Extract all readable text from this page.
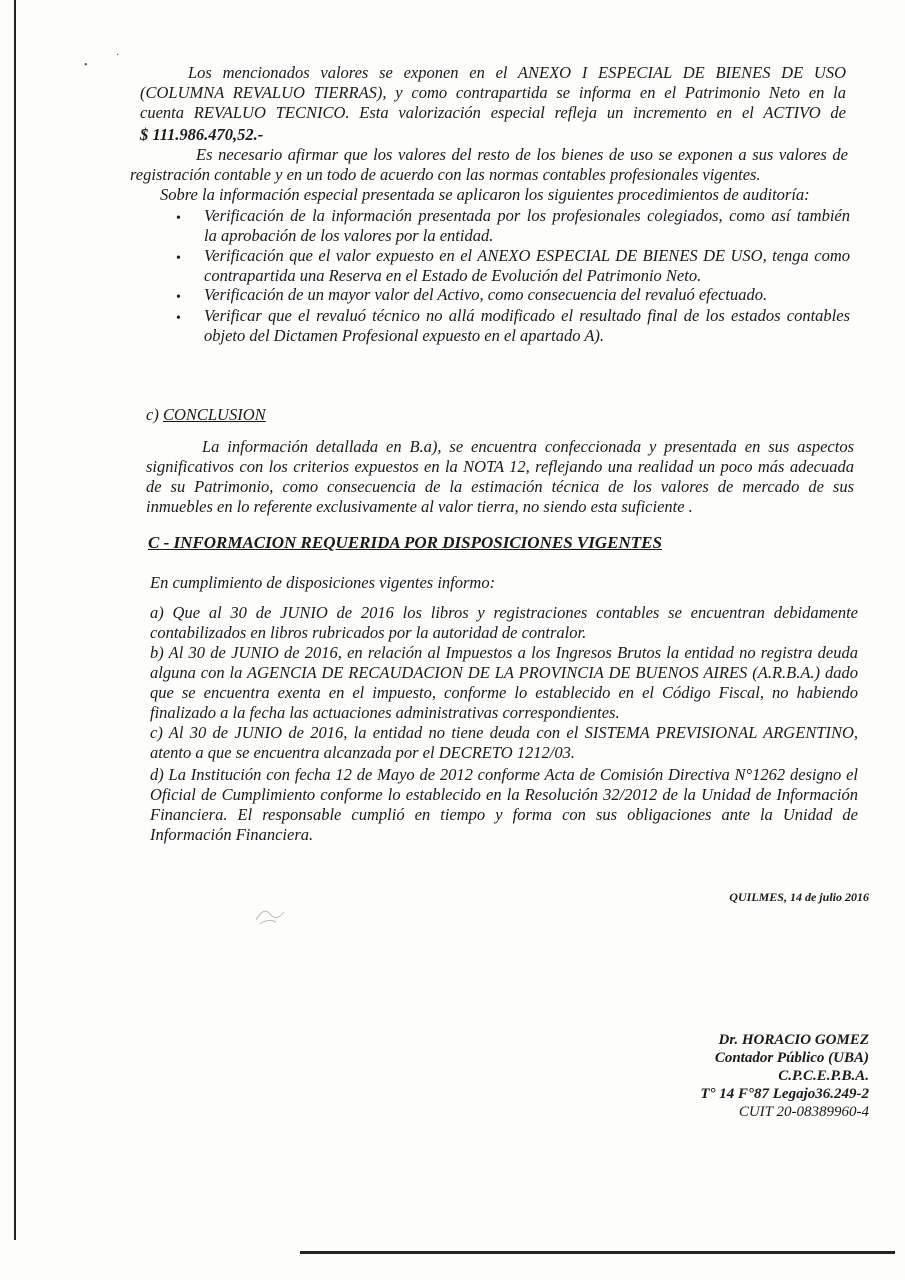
•
·
Los mencionados valores se exponen en el ANEXO I ESPECIAL DE BIENES DE USO
(COLUMNA REVALUO TIERRAS), y como contrapartida se informa en el Patrimonio Neto en la
cuenta REVALUO TECNICO. Esta valorización especial refleja un incremento en el ACTIVO de
$ 111.986.470,52.-
Es necesario afirmar que los valores del resto de los bienes de uso se exponen a sus valores de
registración contable y en un todo de acuerdo con las normas contables profesionales vigentes.
Sobre la información especial presentada se aplicaron los siguientes procedimientos de auditoría:
• Verificación de la información presentada por los profesionales colegiados, como así también
la aprobación de los valores por la entidad.
• Verificación que el valor expuesto en el ANEXO ESPECIAL DE BIENES DE USO, tenga como
contrapartida una Reserva en el Estado de Evolución del Patrimonio Neto.
• Verificación de un mayor valor del Activo, como consecuencia del revaluó efectuado.
• Verificar que el revaluó técnico no allá modificado el resultado final de los estados contables
objeto del Dictamen Profesional expuesto en el apartado A).
c) CONCLUSION
La información detallada en B.a), se encuentra confeccionada y presentada en sus aspectos
significativos con los criterios expuestos en la NOTA 12, reflejando una realidad un poco más adecuada
de su Patrimonio, como consecuencia de la estimación técnica de los valores de mercado de sus
inmuebles en lo referente exclusivamente al valor tierra, no siendo esta suficiente .
C - INFORMACION REQUERIDA POR DISPOSICIONES VIGENTES
En cumplimiento de disposiciones vigentes informo:
a) Que al 30 de JUNIO de 2016 los libros y registraciones contables se encuentran debidamente
contabilizados en libros rubricados por la autoridad de contralor.
b) Al 30 de JUNIO de 2016, en relación al Impuestos a los Ingresos Brutos la entidad no registra deuda
alguna con la AGENCIA DE RECAUDACION DE LA PROVINCIA DE BUENOS AIRES (A.R.B.A.) dado
que se encuentra exenta en el impuesto, conforme lo establecido en el Código Fiscal, no habiendo
finalizado a la fecha las actuaciones administrativas correspondientes.
c) Al 30 de JUNIO de 2016, la entidad no tiene deuda con el SISTEMA PREVISIONAL ARGENTINO,
atento a que se encuentra alcanzada por el DECRETO 1212/03.
d) La Institución con fecha 12 de Mayo de 2012 conforme Acta de Comisión Directiva N°1262 designo el
Oficial de Cumplimiento conforme lo establecido en la Resolución 32/2012 de la Unidad de Información
Financiera. El responsable cumplió en tiempo y forma con sus obligaciones ante la Unidad de
Información Financiera.
QUILMES, 14 de julio 2016
Dr. HORACIO GOMEZ
Contador Público (UBA)
C.P.C.E.P.B.A.
T° 14 F°87 Legajo36.249-2
CUIT 20-08389960-4
